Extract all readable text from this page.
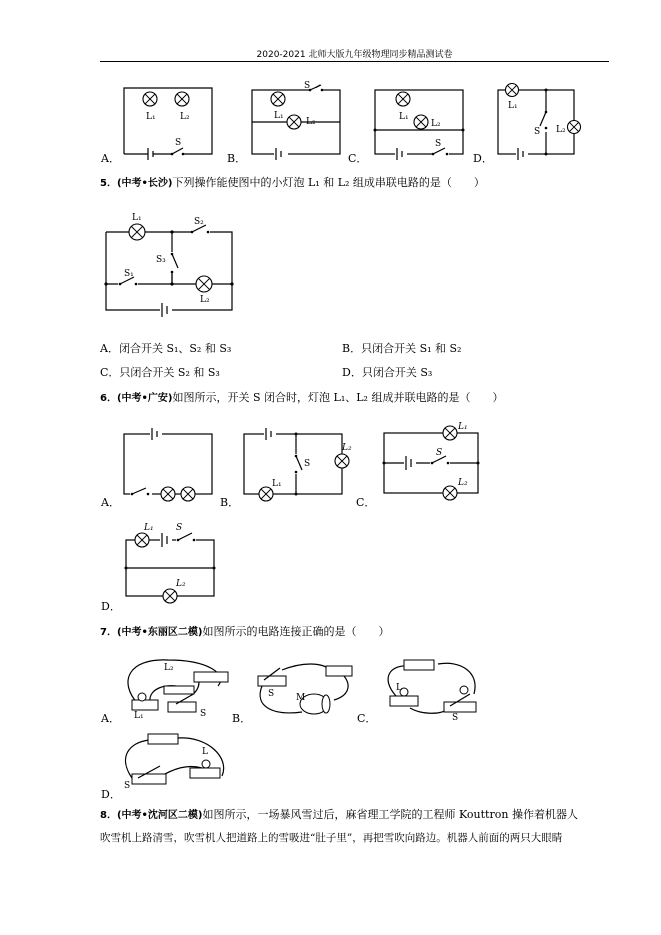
2020-2021 北师大版九年级物理同步精品测试卷
L₁	L₂
S
A．
S
L₁
L₂
B．
L₁
L₂
S
C．
L₁
S L₂
D．
5．(中考•长沙)下列操作能使图中的小灯泡 L₁ 和 L₂ 组成串联电路的是（　　）
L₁	S₂
S₃
S₁
L₂
A．闭合开关 S₁、S₂ 和 S₃	B．只闭合开关 S₁ 和 S₂
C．只闭合开关 S₂ 和 S₃	D．只闭合开关 S₃
6．(中考•广安)如图所示，开关 S 闭合时，灯泡 L₁、L₂ 组成并联电路的是（　　）
A．
L₁
S
L₂
B．
L₁
S
L₂
C．
L₁ S
L₂
D．
7．(中考•东丽区二模)如图所示的电路连接正确的是（　　）
L₂
L₁	S
A．
S M
B．
L
S
C．
L
S
D．
8．(中考•沈河区二模)如图所示，一场暴风雪过后，麻省理工学院的工程师 Kouttron 操作着机器人
吹雪机上路清雪，吹雪机人把道路上的雪吸进“肚子里”，再把雪吹向路边。机器人前面的两只大眼睛
